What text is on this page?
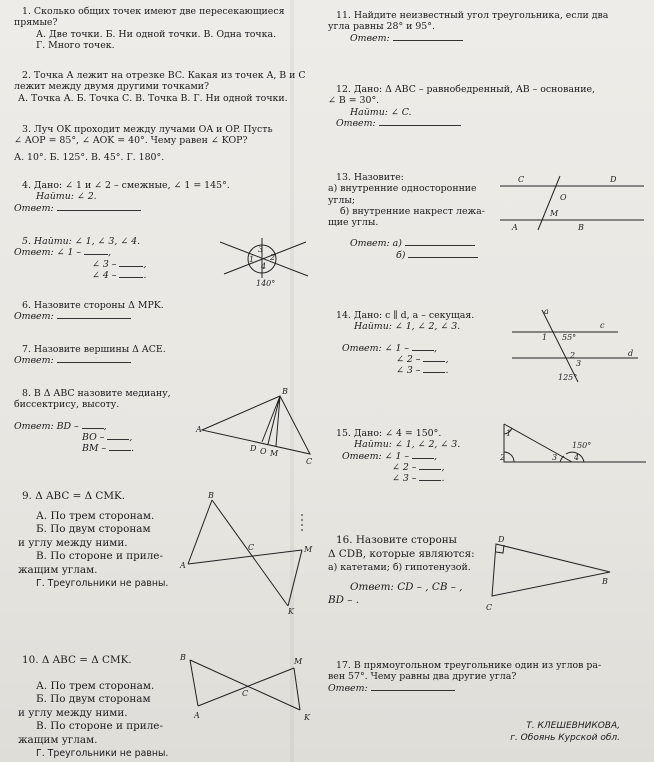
1. Сколько общих точек имеют две пересекающиеся
прямые?
А. Две точки. Б. Ни одной точки. В. Одна точка.
Г. Много точек.
2. Точка А лежит на отрезке BC. Какая из точек A, B и C
лежит между двумя другими точками?
А. Точка А. Б. Точка С. В. Точка В. Г. Ни одной точки.
3. Луч OK проходит между лучами OA и OP. Пусть
∠ AOP = 85°, ∠ AOK = 40°. Чему равен ∠ KOP?
А. 10°. Б. 125°. В. 45°. Г. 180°.
4. Дано: ∠ 1 и ∠ 2 – смежные, ∠ 1 = 145°.
Найти: ∠ 2.
Ответ:
5. Найти: ∠ 1, ∠ 3, ∠ 4.
Ответ: ∠ 1 –	,
∠ 3 –	,
∠ 4 –	.
3
1 2
4
140°
6. Назовите стороны Δ MPK.
Ответ:
7. Назовите вершины Δ ACE.
Ответ:
8. В Δ ABC назовите медиану,
биссектрису, высоту.
Ответ: BD –	,
BO –	,
BM –	.
B
A
D O M
C
9. Δ ABC = Δ CMK.
А. По трем сторонам.
Б. По двум сторонам
и углу между ними.
В. По стороне и приле-
жащим углам.
Г. Треугольники не равны.
B
C	M
A
K
10. Δ ABC = Δ CMK.
А. По трем сторонам.
Б. По двум сторонам
и углу между ними.
В. По стороне и приле-
жащим углам.
Г. Треугольники не равны.
B	M
C
A	K
11. Найдите неизвестный угол треугольника, если два
угла равны 28° и 95°.
Ответ:
12. Дано: Δ ABC – равнобедренный, AB – основание,
∠ B = 30°.
Найти: ∠ C.
Ответ:
13. Назовите:
а) внутренние односторонние
углы;
б) внутренние накрест лежа-
щие углы.
Ответ: а)
б)
C	D
O
M
A	B
14. Дано: c ∥ d, a – секущая.
Найти: ∠ 1, ∠ 2, ∠ 3.
Ответ: ∠ 1 –	,
∠ 2 –	,
∠ 3 –	.
a
c
55°
1
d
2
3
125°
15. Дано: ∠ 4 = 150°.
Найти: ∠ 1, ∠ 2, ∠ 3.
Ответ: ∠ 1 –	,
∠ 2 –	,
∠ 3 –	.
1
150°
2	3 4
16. Назовите стороны
Δ CDB, которые являются:
а) катетами; б) гипотенузой.
Ответ: CD – , CB – ,
BD – .
D
B
C
17. В прямоугольном треугольнике один из углов ра-
вен 57°. Чему равны два другие угла?
Ответ:
Т. КЛЕШЕВНИКОВА,
г. Обоянь Курской обл.
